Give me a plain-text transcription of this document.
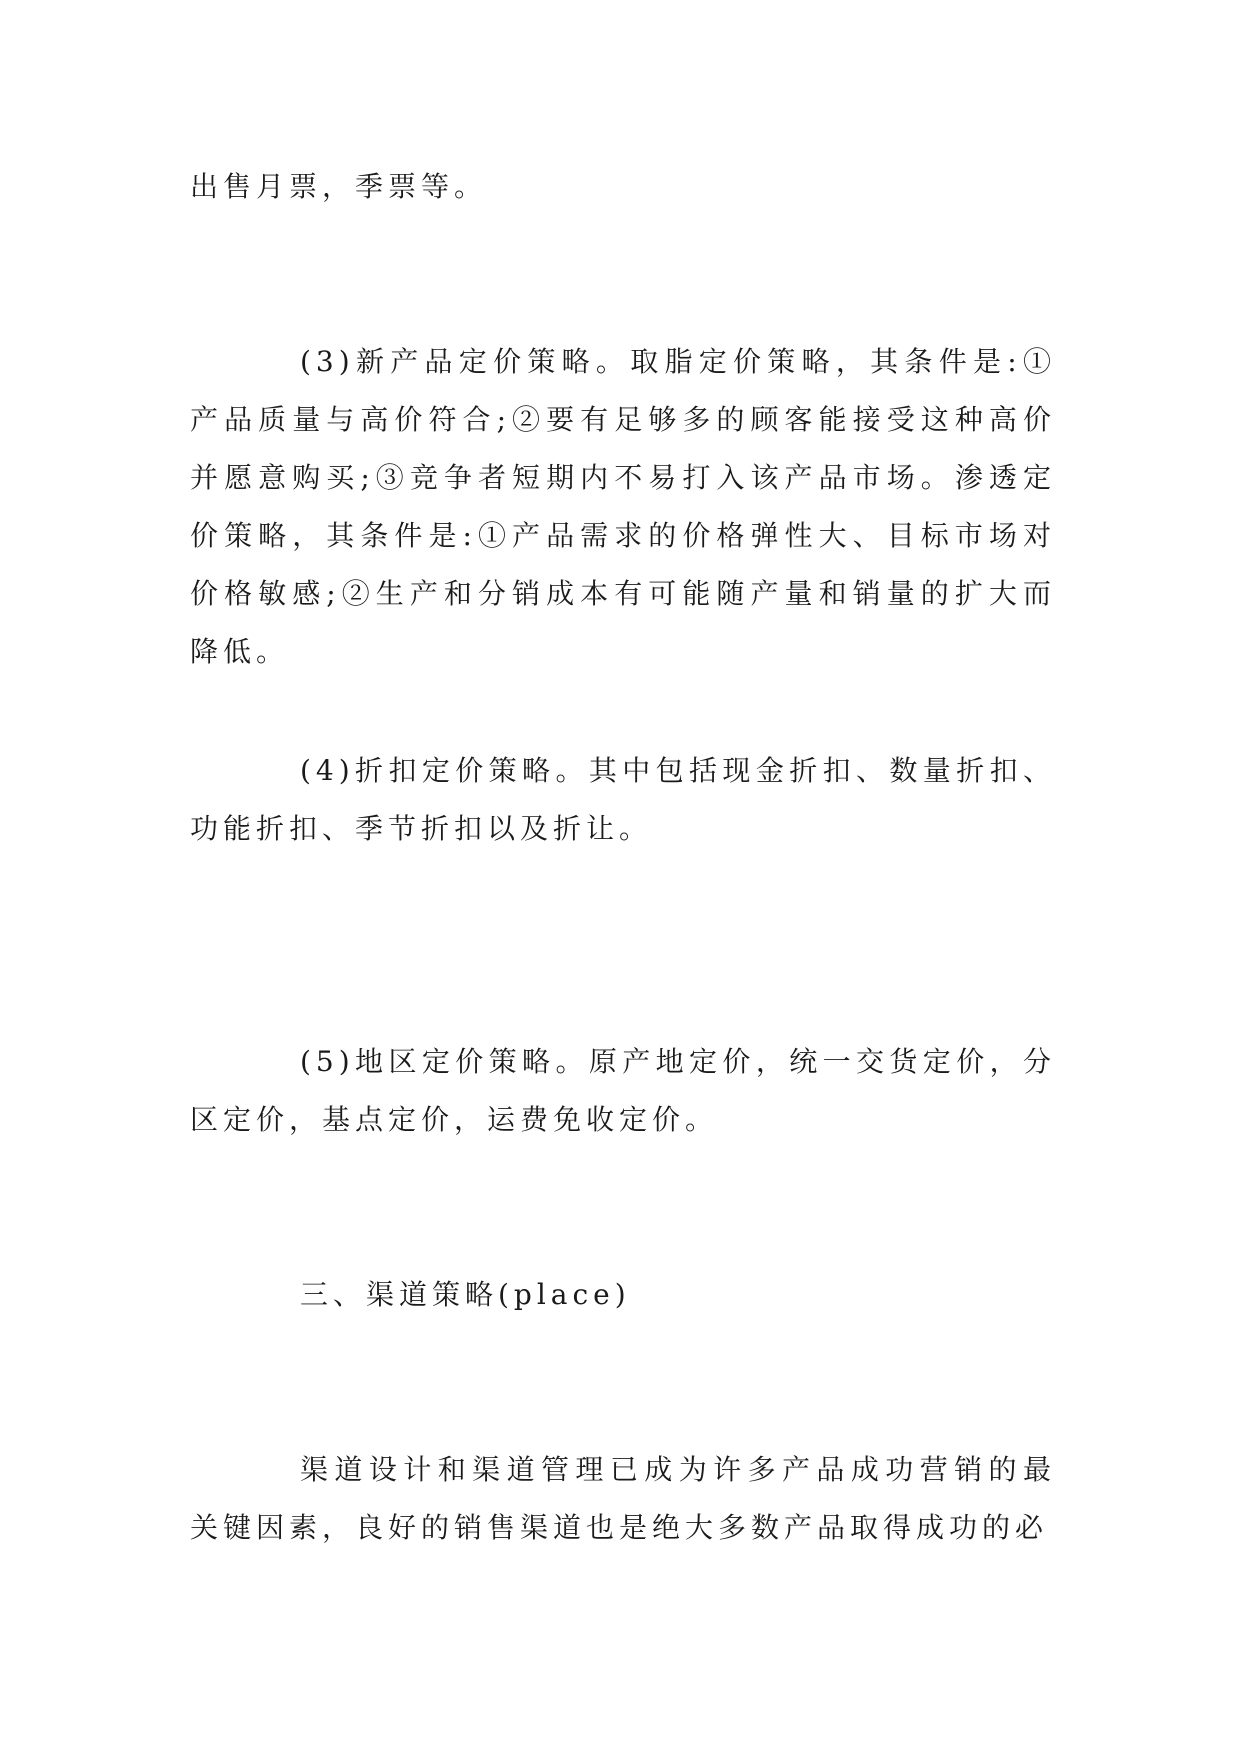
出售月票，季票等。

(3)新产品定价策略。取脂定价策略，其条件是:①产品质量与高价符合;②要有足够多的顾客能接受这种高价并愿意购买;③竞争者短期内不易打入该产品市场。渗透定价策略，其条件是:①产品需求的价格弹性大、目标市场对价格敏感;②生产和分销成本有可能随产量和销量的扩大而降低。

(4)折扣定价策略。其中包括现金折扣、数量折扣、功能折扣、季节折扣以及折让。

(5)地区定价策略。原产地定价，统一交货定价，分区定价，基点定价，运费免收定价。

三、渠道策略(place)

渠道设计和渠道管理已成为许多产品成功营销的最关键因素，良好的销售渠道也是绝大多数产品取得成功的必
